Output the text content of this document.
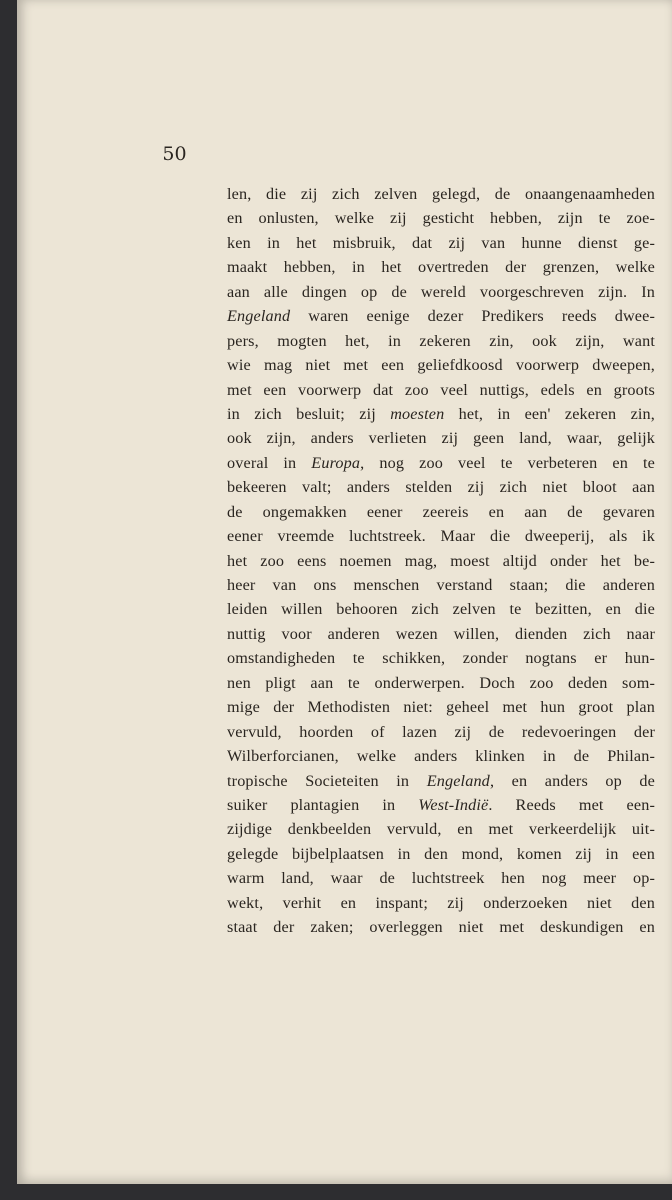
50
len, die zij zich zelven gelegd, de onaangenaamheden
en onlusten, welke zij gesticht hebben, zijn te zoe-
ken in het misbruik, dat zij van hunne dienst ge-
maakt hebben, in het overtreden der grenzen, welke
aan alle dingen op de wereld voorgeschreven zijn. In
Engeland waren eenige dezer Predikers reeds dwee-
pers, mogten het, in zekeren zin, ook zijn, want
wie mag niet met een geliefdkoosd voorwerp dweepen,
met een voorwerp dat zoo veel nuttigs, edels en groots
in zich besluit; zij moesten het, in een' zekeren zin,
ook zijn, anders verlieten zij geen land, waar, gelijk
overal in Europa, nog zoo veel te verbeteren en te
bekeeren valt; anders stelden zij zich niet bloot aan
de ongemakken eener zeereis en aan de gevaren
eener vreemde luchtstreek. Maar die dweeperij, als ik
het zoo eens noemen mag, moest altijd onder het be-
heer van ons menschen verstand staan; die anderen
leiden willen behooren zich zelven te bezitten, en die
nuttig voor anderen wezen willen, dienden zich naar
omstandigheden te schikken, zonder nogtans er hun-
nen pligt aan te onderwerpen. Doch zoo deden som-
mige der Methodisten niet: geheel met hun groot plan
vervuld, hoorden of lazen zij de redevoeringen der
Wilberforcianen, welke anders klinken in de Philan-
tropische Societeiten in Engeland, en anders op de
suiker plantagien in West-Indië. Reeds met een-
zijdige denkbeelden vervuld, en met verkeerdelijk uit-
gelegde bijbelplaatsen in den mond, komen zij in een
warm land, waar de luchtstreek hen nog meer op-
wekt, verhit en inspant; zij onderzoeken niet den
staat der zaken; overleggen niet met deskundigen en
